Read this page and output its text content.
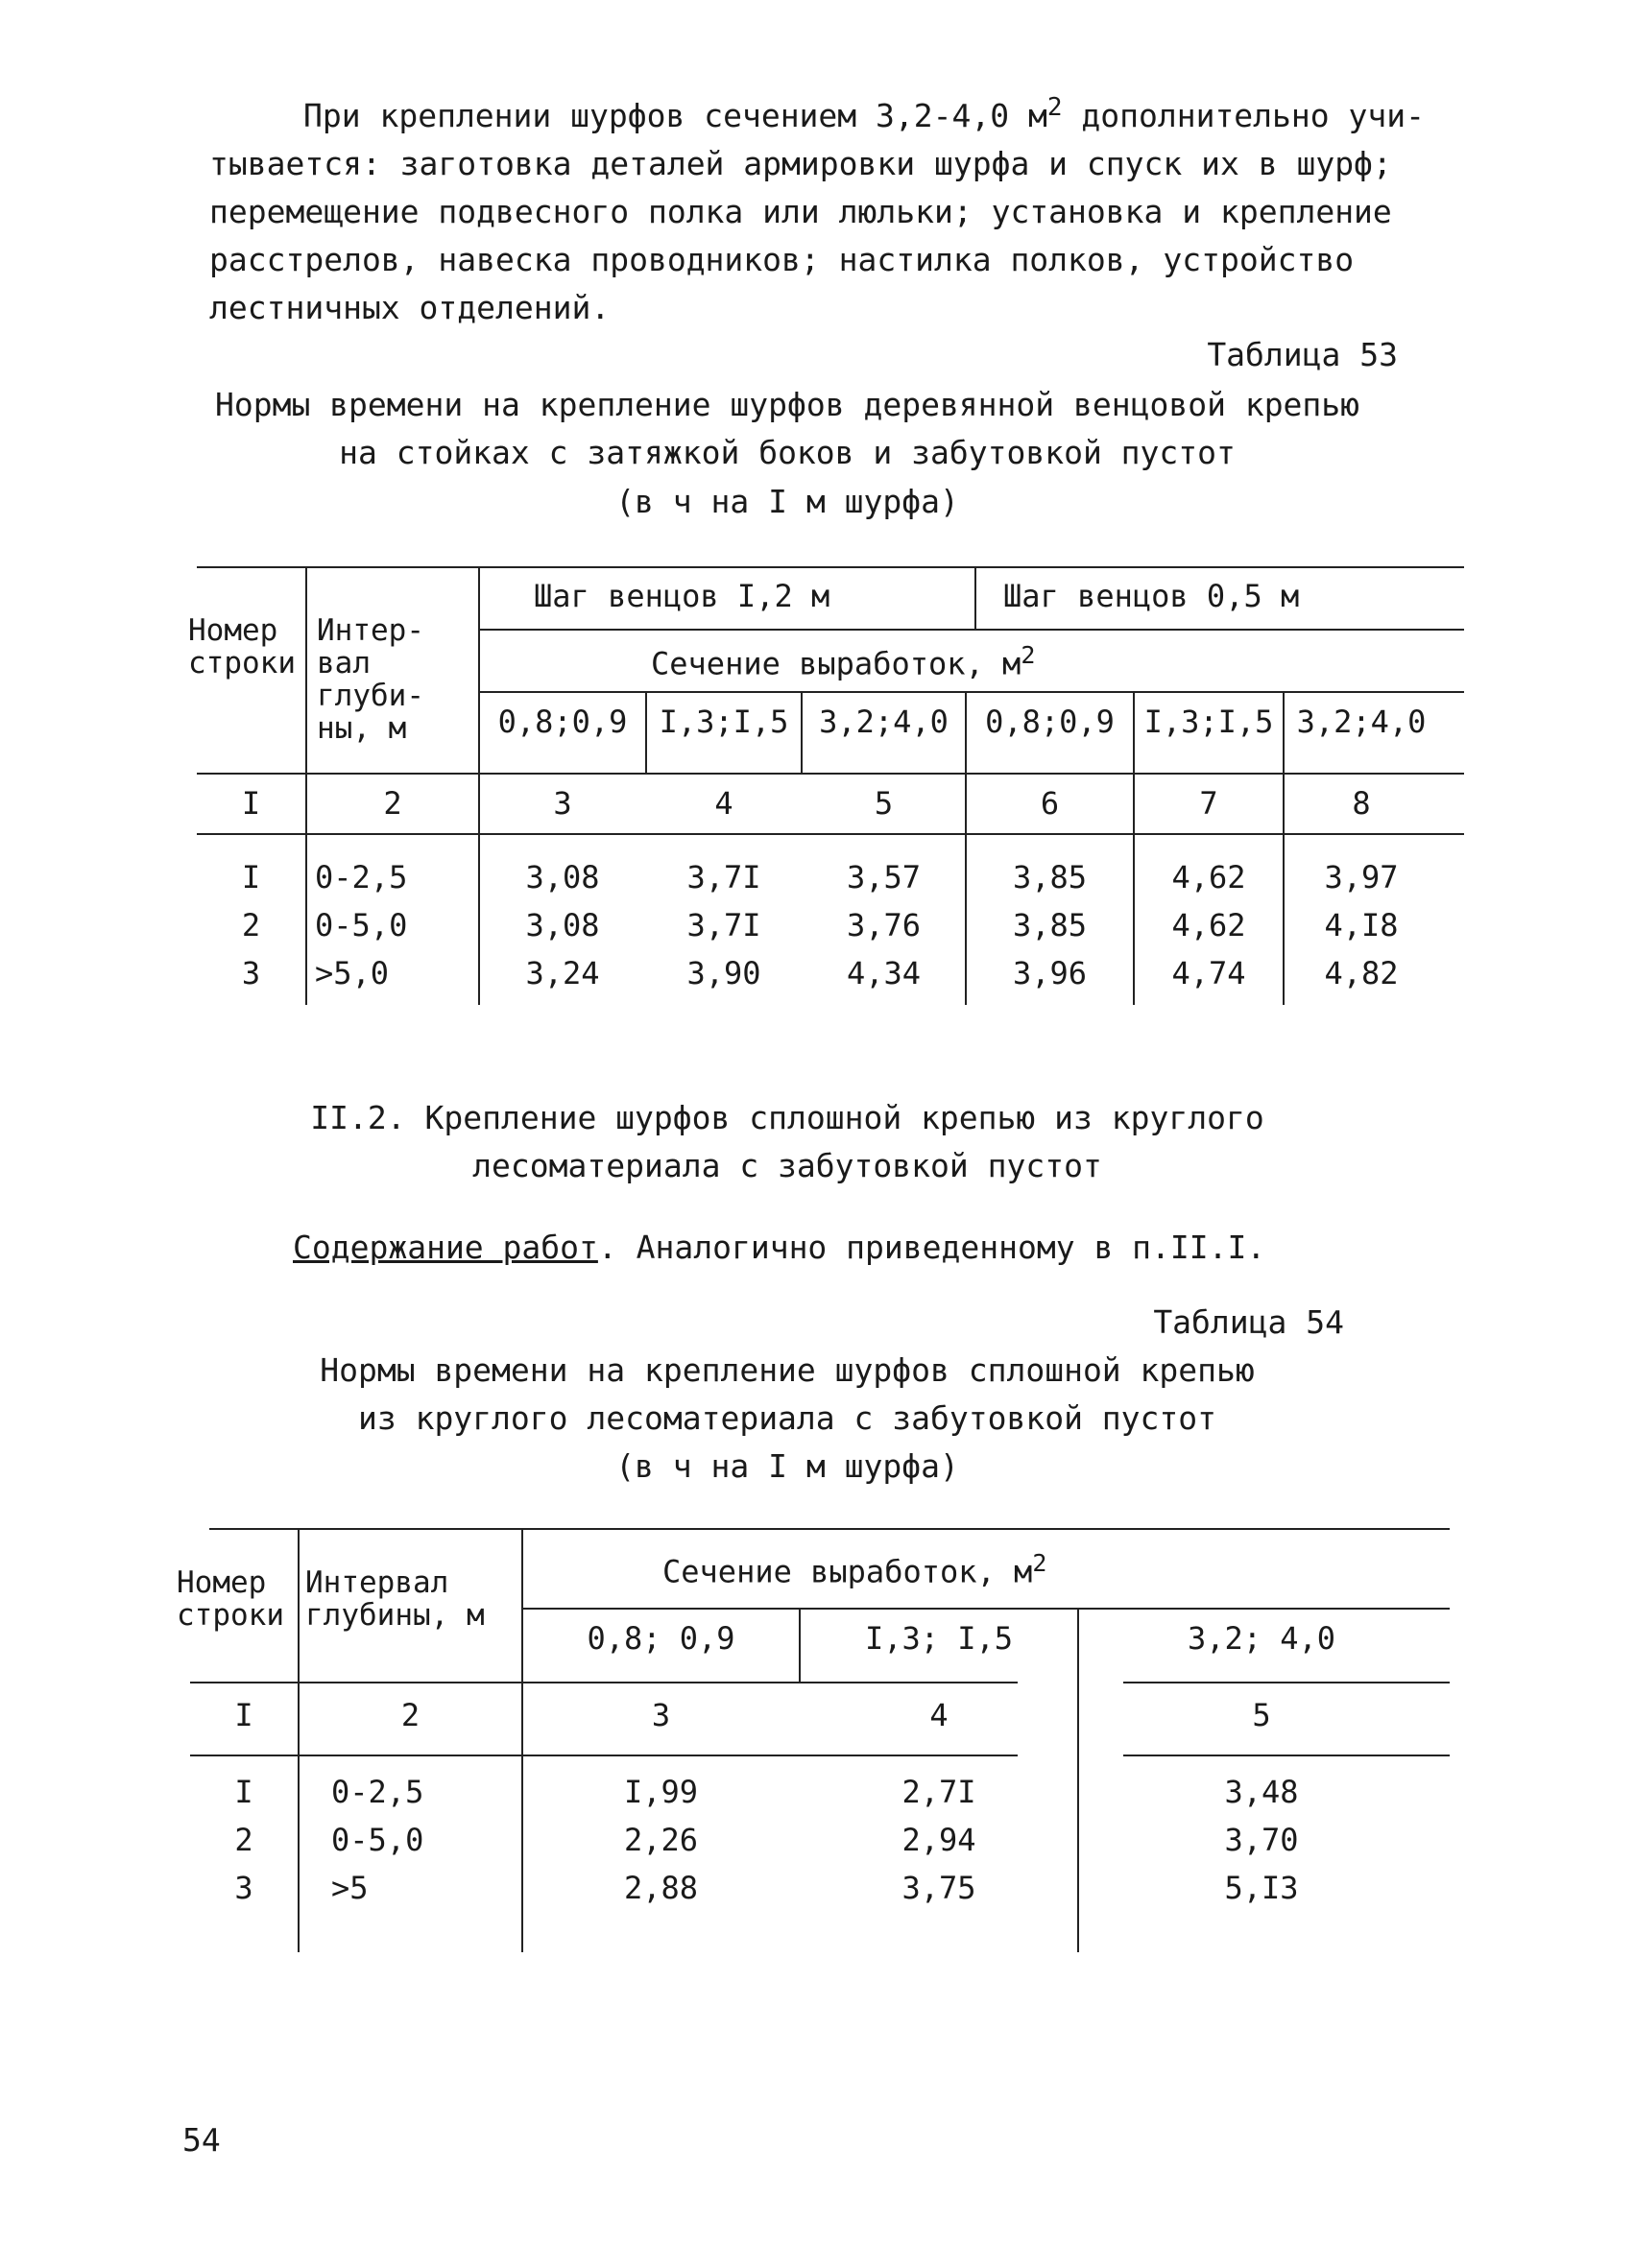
При креплении шурфов сечением 3,2-4,0 $м^2$ дополнительно учи-
тывается: заготовка деталей армировки шурфа и спуск их в шурф;
перемещение подвесного полка или люльки; установка и крепление
расстрелов, навеска проводников; настилка полков, устройство
лестничных отделений.
Таблица 53
Нормы времени на крепление шурфов деревянной венцовой крепью
на стойках с затяжкой боков и забутовкой пустот
(в ч на I м шурфа)
Номер
строки
Интер-
вал
глуби-
ны, м
Шаг венцов I,2 м	Шаг венцов 0,5 м
Сечение выработок, $м^2$
0,8;0,9	I,3;I,5 3,2;4,0	0,8;0,9 I,3;I,5 3,2;4,0
I	2	3	4	5	6	7	8
I	0-2,5	3,08	3,7I	3,57	3,85	4,62	3,97
2	0-5,0	3,08	3,7I	3,76	3,85	4,62	4,I8
3	>5,0	3,24	3,90	4,34	3,96	4,74	4,82
II.2. Крепление шурфов сплошной крепью из круглого
лесоматериала с забутовкой пустот
Содержание работ. Аналогично приведенному в п.II.I.
Таблица 54
Нормы времени на крепление шурфов сплошной крепью
из круглого лесоматериала с забутовкой пустот
(в ч на I м шурфа)
Номер
строки
Интервал
глубины, м
Сечение выработок, $м^2$
0,8; 0,9	I,3; I,5	3,2; 4,0
I	2	3	4	5
I	0-2,5	I,99	2,7I	3,48
2	0-5,0	2,26	2,94	3,70
3	>5	2,88	3,75	5,I3
54
